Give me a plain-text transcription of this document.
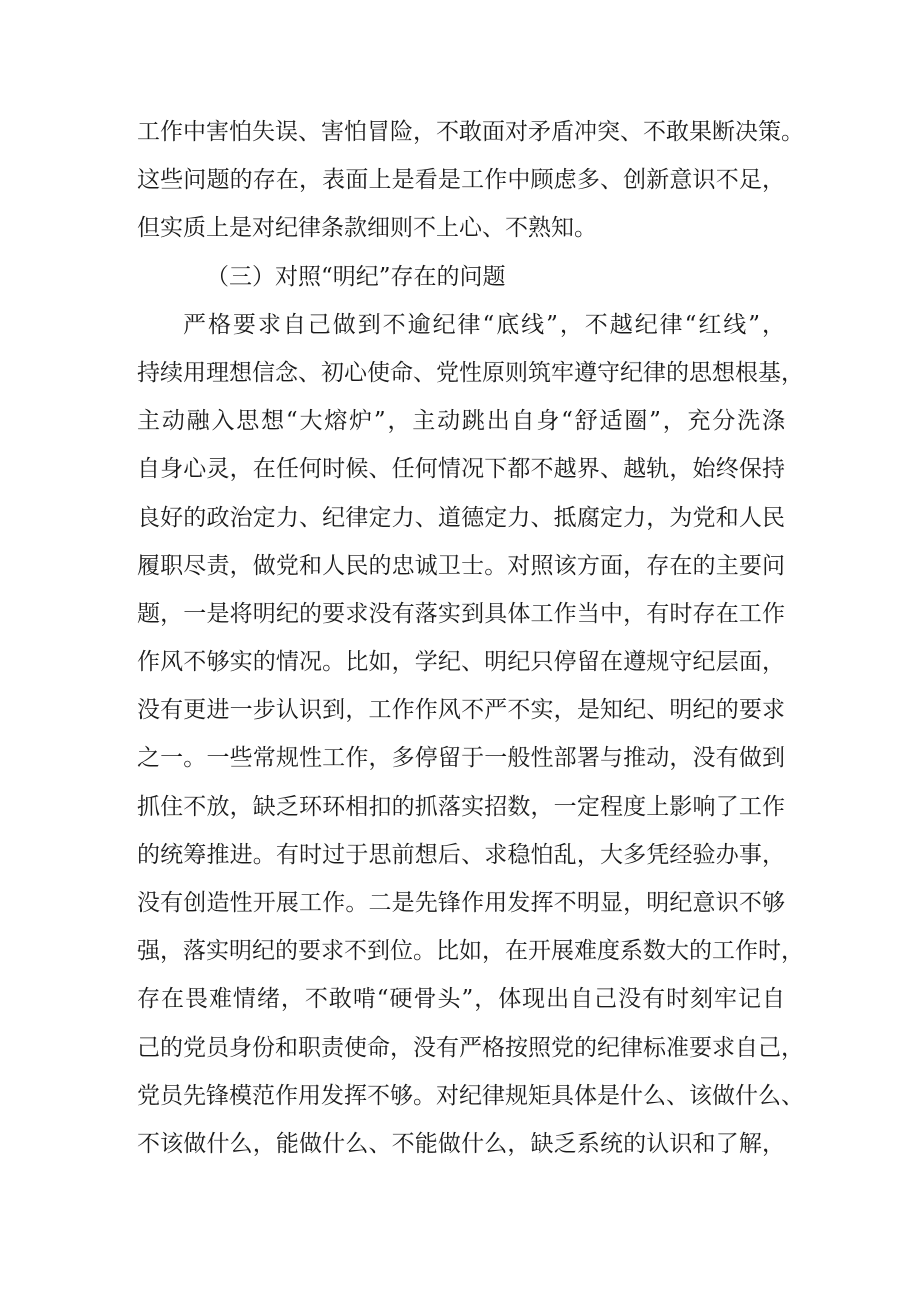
工作中害怕失误、害怕冒险，不敢面对矛盾冲突、不敢果断决策。
这些问题的存在，表面上是看是工作中顾虑多、创新意识不足，
但实质上是对纪律条款细则不上心、不熟知。
（三）对照“明纪”存在的问题
严格要求自己做到不逾纪律“底线”，不越纪律“红线”，
持续用理想信念、初心使命、党性原则筑牢遵守纪律的思想根基，
主动融入思想“大熔炉”，主动跳出自身“舒适圈”，充分洗涤
自身心灵，在任何时候、任何情况下都不越界、越轨，始终保持
良好的政治定力、纪律定力、道德定力、抵腐定力，为党和人民
履职尽责，做党和人民的忠诚卫士。对照该方面，存在的主要问
题，一是将明纪的要求没有落实到具体工作当中，有时存在工作
作风不够实的情况。比如，学纪、明纪只停留在遵规守纪层面，
没有更进一步认识到，工作作风不严不实，是知纪、明纪的要求
之一。一些常规性工作，多停留于一般性部署与推动，没有做到
抓住不放，缺乏环环相扣的抓落实招数，一定程度上影响了工作
的统筹推进。有时过于思前想后、求稳怕乱，大多凭经验办事，
没有创造性开展工作。二是先锋作用发挥不明显，明纪意识不够
强，落实明纪的要求不到位。比如，在开展难度系数大的工作时，
存在畏难情绪，不敢啃“硬骨头”，体现出自己没有时刻牢记自
己的党员身份和职责使命，没有严格按照党的纪律标准要求自己，
党员先锋模范作用发挥不够。对纪律规矩具体是什么、该做什么、
不该做什么，能做什么、不能做什么，缺乏系统的认识和了解，
